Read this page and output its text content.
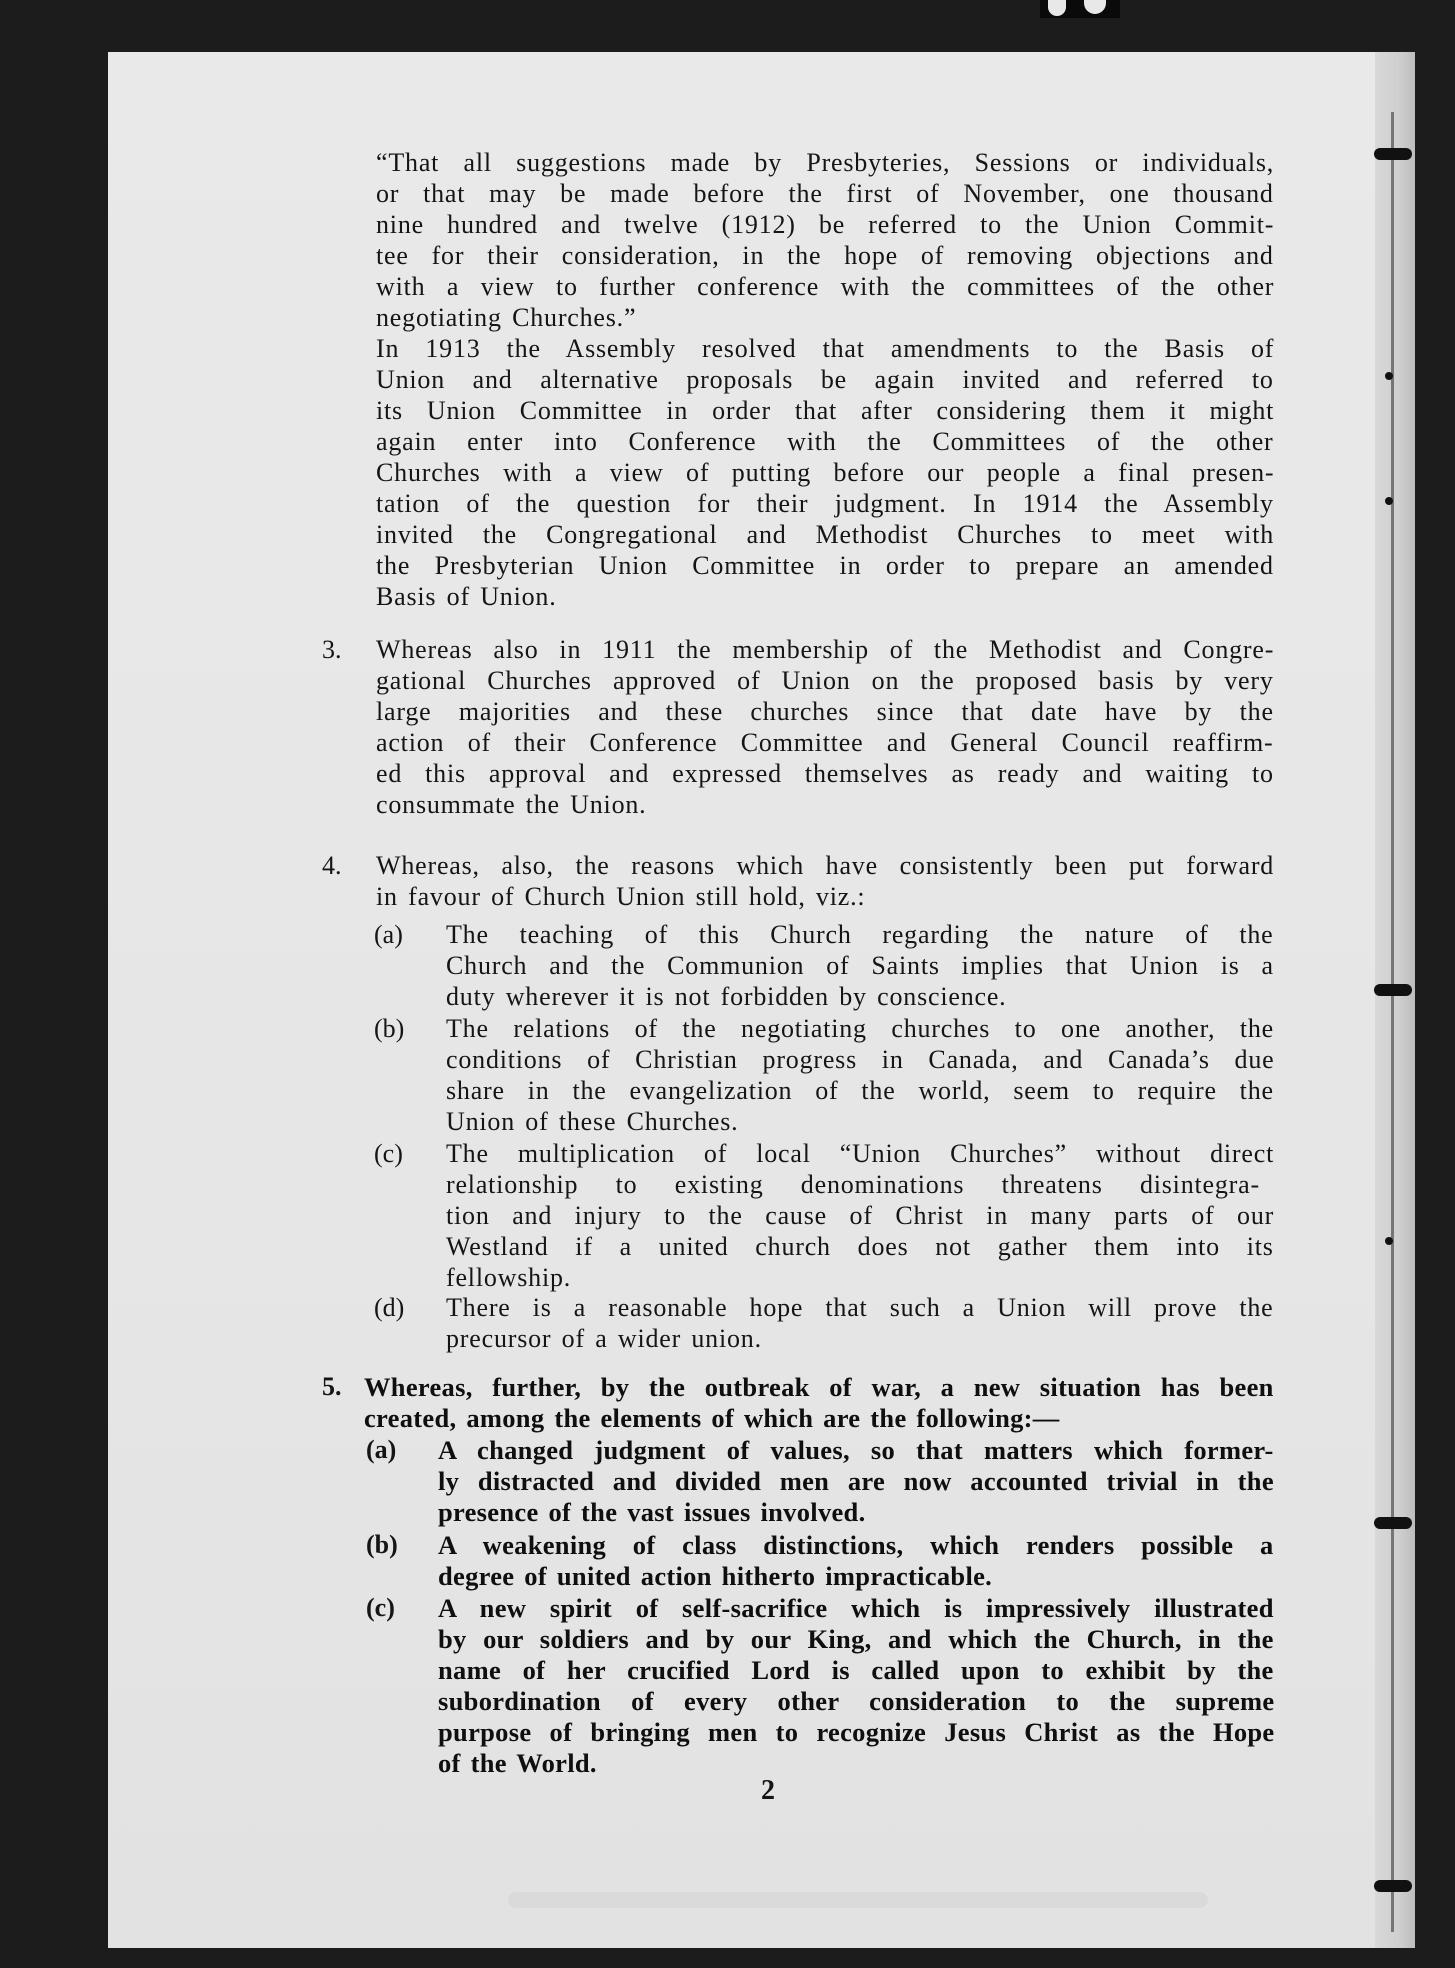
“That all suggestions made by Presbyteries, Sessions or individuals,
or that may be made before the first of November, one thousand
nine hundred and twelve (1912) be referred to the Union Commit-
tee for their consideration, in the hope of removing objections and
with a view to further conference with the committees of the other
negotiating Churches.”
In 1913 the Assembly resolved that amendments to the Basis of
Union and alternative proposals be again invited and referred to
its Union Committee in order that after considering them it might
again enter into Conference with the Committees of the other
Churches with a view of putting before our people a final presen-
tation of the question for their judgment. In 1914 the Assembly
invited the Congregational and Methodist Churches to meet with
the Presbyterian Union Committee in order to prepare an amended
Basis of Union.
3. Whereas also in 1911 the membership of the Methodist and Congre-
gational Churches approved of Union on the proposed basis by very
large majorities and these churches since that date have by the
action of their Conference Committee and General Council reaffirm-
ed this approval and expressed themselves as ready and waiting to
consummate the Union.
4. Whereas, also, the reasons which have consistently been put forward
in favour of Church Union still hold, viz.:
(a) The teaching of this Church regarding the nature of the
Church and the Communion of Saints implies that Union is a
duty wherever it is not forbidden by conscience.
(b) The relations of the negotiating churches to one another, the
conditions of Christian progress in Canada, and Canada’s due
share in the evangelization of the world, seem to require the
Union of these Churches.
(c) The multiplication of local “Union Churches” without direct
relationship to existing denominations threatens disintegra-
tion and injury to the cause of Christ in many parts of our
Westland if a united church does not gather them into its
fellowship.
(d) There is a reasonable hope that such a Union will prove the
precursor of a wider union.
5. Whereas, further, by the outbreak of war, a new situation has been
created, among the elements of which are the following:—
(a) A changed judgment of values, so that matters which former-
ly distracted and divided men are now accounted trivial in the
presence of the vast issues involved.
(b) A weakening of class distinctions, which renders possible a
degree of united action hitherto impracticable.
(c) A new spirit of self-sacrifice which is impressively illustrated
by our soldiers and by our King, and which the Church, in the
name of her crucified Lord is called upon to exhibit by the
subordination of every other consideration to the supreme
purpose of bringing men to recognize Jesus Christ as the Hope
of the World.
2
